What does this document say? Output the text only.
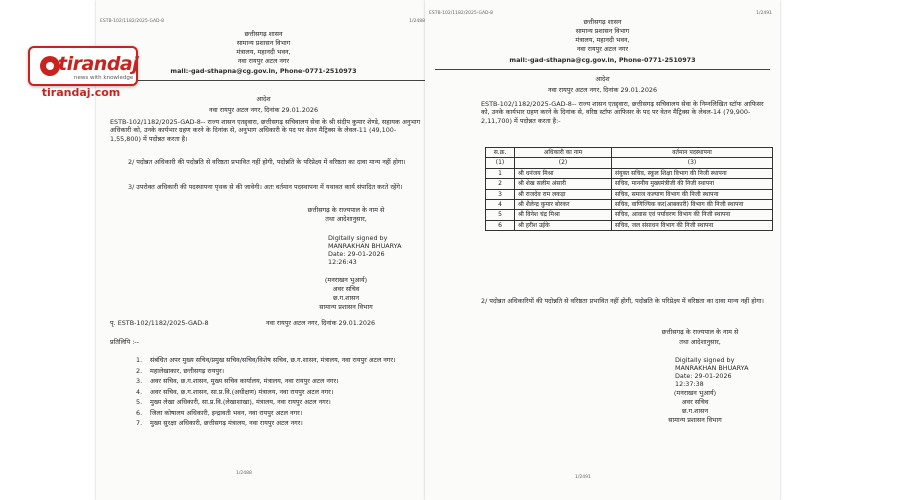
ESTB-102/1182/2025-GAD-8	1/2488
छत्तीसगढ़ शासन
सामान्य प्रशासन विभाग
मंत्रालय, महानदी भवन,
नवा रायपुर अटल नगर
mail:-gad-sthapna@cg.gov.in, Phone-0771-2510973
आदेश
नवा रायपुर अटल नगर, दिनांक 29.01.2026
ESTB-102/1182/2025-GAD-8-- राज्य शासन एतद्द्वारा, छत्तीसगढ़ सचिवालय सेवा के श्री संदीप कुमार शेण्डे, सहायक अनुभाग अधिकारी को, उनके कार्यभार ग्रहण करने के दिनांक से, अनुभाग अधिकारी के पद पर वेतन मैट्रिक्स के लेवल-11 (49,100-1,55,800) में पदोन्नत करता है।
2/ पदोन्नत अधिकारी की पदोन्नति से वरिष्ठता प्रभावित नहीं होगी, पदोन्नति के परिप्रेक्ष्य में वरिष्ठता का दावा मान्य नहीं होगा।
3/ उपरोक्त अधिकारी की पदस्थापना पृथक से की जावेगी। अतः वर्तमान पदस्थापना में यथावत कार्य संपादित करते रहेंगे।
छत्तीसगढ़ के राज्यपाल के नाम से
तथा आदेशानुसार,
Digitally signed by
MANRAKHAN BHUARYA
Date: 29-01-2026
12:26:43
(मनराखन भुआर्य)
अवर सचिव
छ.ग.शासन
सामान्य प्रशासन विभाग
पृ. ESTB-102/1182/2025-GAD-8	नवा रायपुर अटल नगर, दिनांक 29.01.2026
प्रतिलिपि :--
1.	संबंधित अपर मुख्य सचिव/प्रमुख सचिव/सचिव/विशेष सचिव, छ.ग.शासन, मंत्रालय, नवा रायपुर अटल नगर।
2.	महालेखाकार, छत्तीसगढ़ रायपुर।
3.	अवर सचिव, छ.ग.शासन, मुख्य सचिव कार्यालय, मंत्रालय, नवा रायपुर अटल नगर।
4.	अवर सचिव, छ.ग.शासन, सा.प्र.वि.(अधीक्षण) मंत्रालय, नवा रायपुर अटल नगर।
5.	मुख्य लेखा अधिकारी, सा.प्र.वि.(लेखाशाखा), मंत्रालय, नवा रायपुर अटल नगर।
6.	जिला कोषालय अधिकारी, इन्द्रावती भवन, नवा रायपुर अटल नगर।
7.	मुख्य सुरक्षा अधिकारी, छत्तीसगढ़ मंत्रालय, नवा रायपुर अटल नगर।
1/2488
ESTB-102/1182/2025-GAD-8	1/2491
छत्तीसगढ़ शासन
सामान्य प्रशासन विभाग
मंत्रालय, महानदी भवन,
नवा रायपुर अटल नगर
mail:-gad-sthapna@cg.gov.in, Phone-0771-2510973
आदेश
नवा रायपुर अटल नगर, दिनांक 29.01.2026
ESTB-102/1182/2025-GAD-8-- राज्य शासन एतद्द्वारा, छत्तीसगढ़ सचिवालय सेवा के निम्नलिखित स्टॉफ आफिसर को, उनके कार्यभार ग्रहण करने के दिनांक से, वरिष्ठ स्टॉफ आफिसर के पद पर वेतन मैट्रिक्स के लेवल-14 (79,900-2,11,700) में पदोन्नत करता है:-
स.क्र.	अधिकारी का नाम	वर्तमान पदस्थापना
(1)	(2)	(3)
1	श्री धनंजय मिश्रा	संयुक्त सचिव, स्कूल शिक्षा विभाग की निजी स्थापना
2	श्री शेख सलीम अंसारी	सचिव, माननीय मुख्यमंत्रीजी की निजी स्थापना
3	श्री राजदेव राम लकड़ा	सचिव, समाज कल्याण विभाग की निजी स्थापना
4	श्री शैलेन्द्र कुमार बोरकर	सचिव, वाणिज्यिक कर(आबकारी) विभाग की निजी स्थापना
5	श्री विनेश चंद्र मिश्रा	सचिव, आवास एवं पर्यावरण विभाग की निजी स्थापना
6	श्री हरीश उईके	सचिव, जल संसाधन विभाग की निजी स्थापना
2/ पदोन्नत अधिकारियों की पदोन्नति से वरिष्ठता प्रभावित नहीं होगी, पदोन्नति के परिप्रेक्ष्य में वरिष्ठता का दावा मान्य नहीं होगा।
छत्तीसगढ़ के राज्यपाल के नाम से
तथा आदेशानुसार,
Digitally signed by
MANRAKHAN BHUARYA
Date: 29-01-2026
12:37:38
(मनराखन भुआर्य)
अवर सचिव
छ.ग.शासन
सामान्य प्रशासन विभाग
1/2491
tirandaj
news with knowledge
tirandaj.com
